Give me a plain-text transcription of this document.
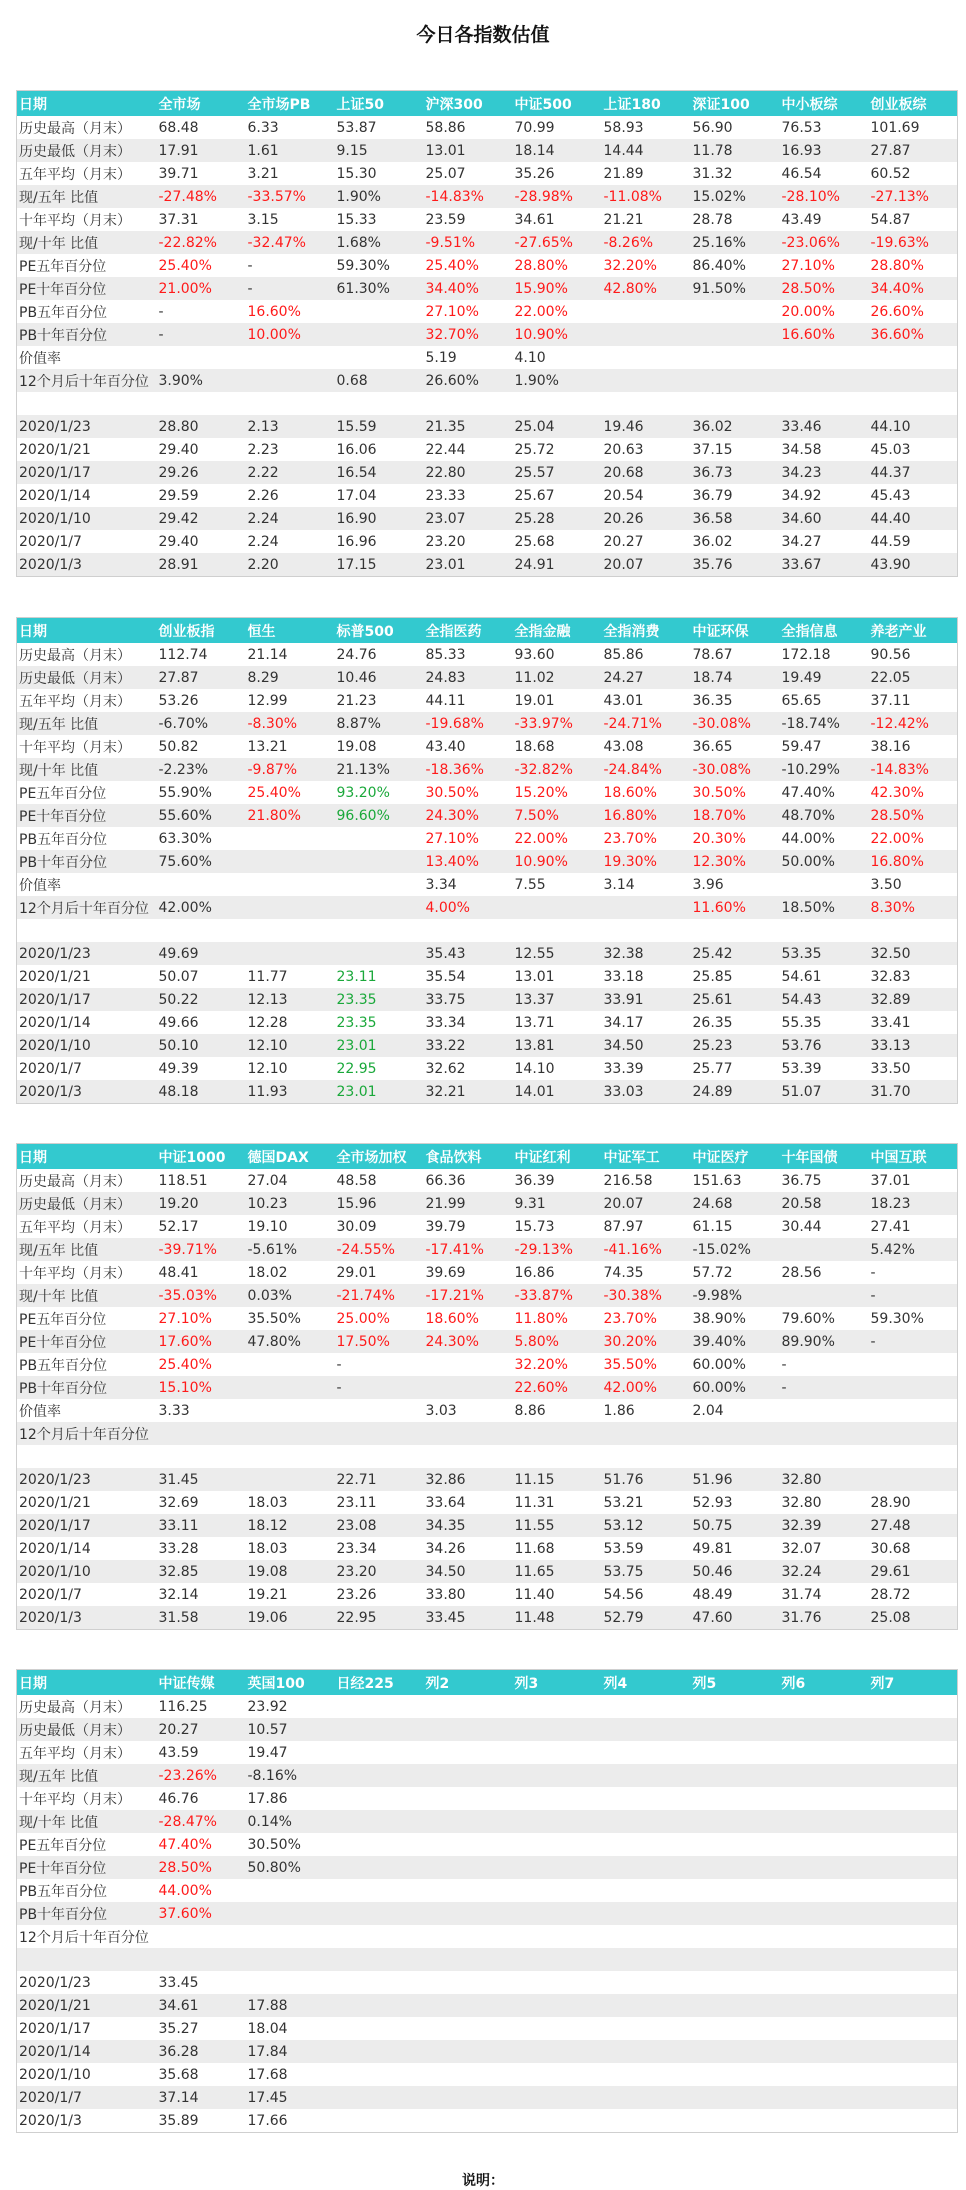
今日各指数估值
日期	全市场	全市场PB	上证50	沪深300	中证500	上证180	深证100	中小板综	创业板综
历史最高（月末）	68.48	6.33	53.87	58.86	70.99	58.93	56.90	76.53	101.69
历史最低（月末）	17.91	1.61	9.15	13.01	18.14	14.44	11.78	16.93	27.87
五年平均（月末）	39.71	3.21	15.30	25.07	35.26	21.89	31.32	46.54	60.52
现/五年 比值	-27.48%	-33.57%	1.90%	-14.83%	-28.98%	-11.08%	15.02%	-28.10%	-27.13%
十年平均（月末）	37.31	3.15	15.33	23.59	34.61	21.21	28.78	43.49	54.87
现/十年 比值	-22.82%	-32.47%	1.68%	-9.51%	-27.65%	-8.26%	25.16%	-23.06%	-19.63%
PE五年百分位	25.40%	-	59.30%	25.40%	28.80%	32.20%	86.40%	27.10%	28.80%
PE十年百分位	21.00%	-	61.30%	34.40%	15.90%	42.80%	91.50%	28.50%	34.40%
PB五年百分位	-	16.60%		27.10%	22.00%			20.00%	26.60%
PB十年百分位	-	10.00%		32.70%	10.90%			16.60%	36.60%
价值率				5.19	4.10				
12个月后十年百分位	3.90%		0.68	26.60%	1.90%				

2020/1/23	28.80	2.13	15.59	21.35	25.04	19.46	36.02	33.46	44.10
2020/1/21	29.40	2.23	16.06	22.44	25.72	20.63	37.15	34.58	45.03
2020/1/17	29.26	2.22	16.54	22.80	25.57	20.68	36.73	34.23	44.37
2020/1/14	29.59	2.26	17.04	23.33	25.67	20.54	36.79	34.92	45.43
2020/1/10	29.42	2.24	16.90	23.07	25.28	20.26	36.58	34.60	44.40
2020/1/7	29.40	2.24	16.96	23.20	25.68	20.27	36.02	34.27	44.59
2020/1/3	28.91	2.20	17.15	23.01	24.91	20.07	35.76	33.67	43.90
日期	创业板指	恒生	标普500	全指医药	全指金融	全指消费	中证环保	全指信息	养老产业
历史最高（月末）	112.74	21.14	24.76	85.33	93.60	85.86	78.67	172.18	90.56
历史最低（月末）	27.87	8.29	10.46	24.83	11.02	24.27	18.74	19.49	22.05
五年平均（月末）	53.26	12.99	21.23	44.11	19.01	43.01	36.35	65.65	37.11
现/五年 比值	-6.70%	-8.30%	8.87%	-19.68%	-33.97%	-24.71%	-30.08%	-18.74%	-12.42%
十年平均（月末）	50.82	13.21	19.08	43.40	18.68	43.08	36.65	59.47	38.16
现/十年 比值	-2.23%	-9.87%	21.13%	-18.36%	-32.82%	-24.84%	-30.08%	-10.29%	-14.83%
PE五年百分位	55.90%	25.40%	93.20%	30.50%	15.20%	18.60%	30.50%	47.40%	42.30%
PE十年百分位	55.60%	21.80%	96.60%	24.30%	7.50%	16.80%	18.70%	48.70%	28.50%
PB五年百分位	63.30%			27.10%	22.00%	23.70%	20.30%	44.00%	22.00%
PB十年百分位	75.60%			13.40%	10.90%	19.30%	12.30%	50.00%	16.80%
价值率				3.34	7.55	3.14	3.96		3.50
12个月后十年百分位	42.00%			4.00%			11.60%	18.50%	8.30%

2020/1/23	49.69			35.43	12.55	32.38	25.42	53.35	32.50
2020/1/21	50.07	11.77	23.11	35.54	13.01	33.18	25.85	54.61	32.83
2020/1/17	50.22	12.13	23.35	33.75	13.37	33.91	25.61	54.43	32.89
2020/1/14	49.66	12.28	23.35	33.34	13.71	34.17	26.35	55.35	33.41
2020/1/10	50.10	12.10	23.01	33.22	13.81	34.50	25.23	53.76	33.13
2020/1/7	49.39	12.10	22.95	32.62	14.10	33.39	25.77	53.39	33.50
2020/1/3	48.18	11.93	23.01	32.21	14.01	33.03	24.89	51.07	31.70
日期	中证1000	德国DAX	全市场加权	食品饮料	中证红利	中证军工	中证医疗	十年国债	中国互联
历史最高（月末）	118.51	27.04	48.58	66.36	36.39	216.58	151.63	36.75	37.01
历史最低（月末）	19.20	10.23	15.96	21.99	9.31	20.07	24.68	20.58	18.23
五年平均（月末）	52.17	19.10	30.09	39.79	15.73	87.97	61.15	30.44	27.41
现/五年 比值	-39.71%	-5.61%	-24.55%	-17.41%	-29.13%	-41.16%	-15.02%		5.42%
十年平均（月末）	48.41	18.02	29.01	39.69	16.86	74.35	57.72	28.56	-
现/十年 比值	-35.03%	0.03%	-21.74%	-17.21%	-33.87%	-30.38%	-9.98%		-
PE五年百分位	27.10%	35.50%	25.00%	18.60%	11.80%	23.70%	38.90%	79.60%	59.30%
PE十年百分位	17.60%	47.80%	17.50%	24.30%	5.80%	30.20%	39.40%	89.90%	-
PB五年百分位	25.40%		-		32.20%	35.50%	60.00%	-	
PB十年百分位	15.10%		-		22.60%	42.00%	60.00%	-	
价值率	3.33			3.03	8.86	1.86	2.04		
12个月后十年百分位									

2020/1/23	31.45		22.71	32.86	11.15	51.76	51.96	32.80	
2020/1/21	32.69	18.03	23.11	33.64	11.31	53.21	52.93	32.80	28.90
2020/1/17	33.11	18.12	23.08	34.35	11.55	53.12	50.75	32.39	27.48
2020/1/14	33.28	18.03	23.34	34.26	11.68	53.59	49.81	32.07	30.68
2020/1/10	32.85	19.08	23.20	34.50	11.65	53.75	50.46	32.24	29.61
2020/1/7	32.14	19.21	23.26	33.80	11.40	54.56	48.49	31.74	28.72
2020/1/3	31.58	19.06	22.95	33.45	11.48	52.79	47.60	31.76	25.08
日期	中证传媒	英国100	日经225	列2	列3	列4	列5	列6	列7
历史最高（月末）	116.25	23.92							
历史最低（月末）	20.27	10.57							
五年平均（月末）	43.59	19.47							
现/五年 比值	-23.26%	-8.16%							
十年平均（月末）	46.76	17.86							
现/十年 比值	-28.47%	0.14%							
PE五年百分位	47.40%	30.50%							
PE十年百分位	28.50%	50.80%							
PB五年百分位	44.00%								
PB十年百分位	37.60%								
12个月后十年百分位									

2020/1/23	33.45								
2020/1/21	34.61	17.88							
2020/1/17	35.27	18.04							
2020/1/14	36.28	17.84							
2020/1/10	35.68	17.68							
2020/1/7	37.14	17.45							
2020/1/3	35.89	17.66							
说明：
